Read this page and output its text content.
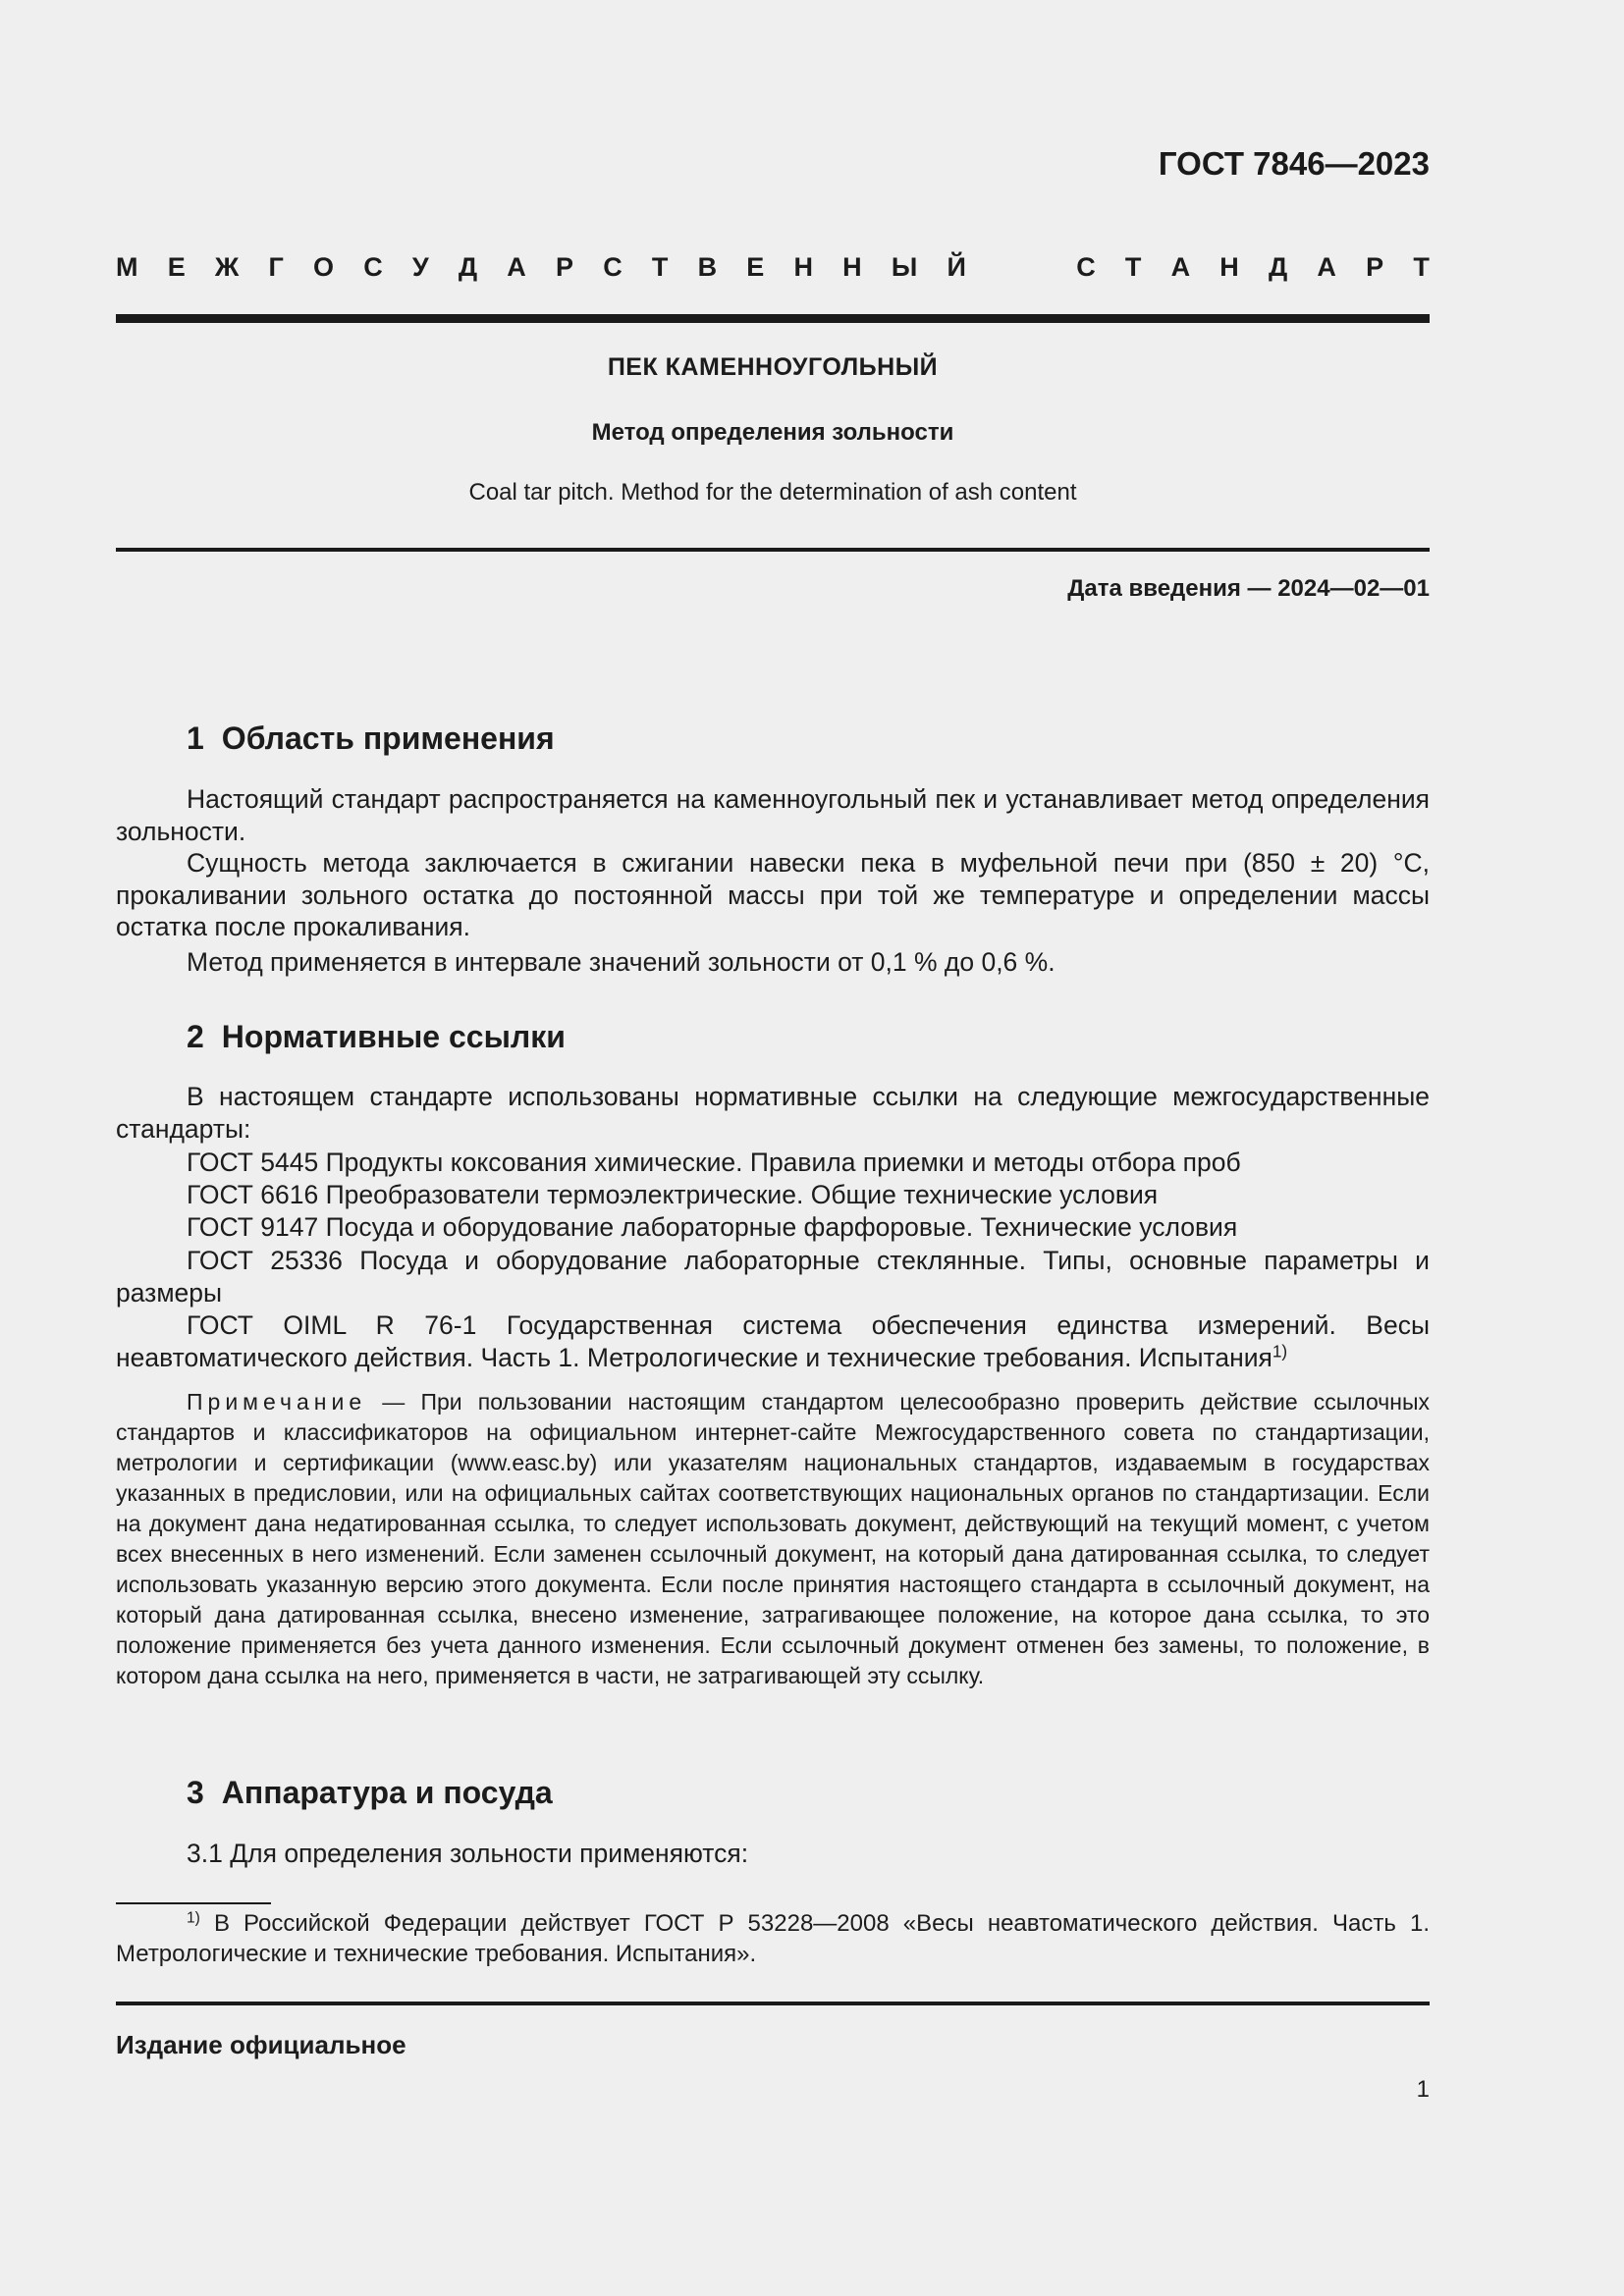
ГОСТ 7846—2023
М Е Ж Г О С У Д А Р С Т В Е Н Н Ы Й	С Т А Н Д А Р Т
ПЕК КАМЕННОУГОЛЬНЫЙ
Метод определения зольности
Coal tar pitch. Method for the determination of ash content
Дата введения — 2024—02—01
1 Область применения

Настоящий стандарт распространяется на каменноугольный пек и устанавливает метод определения зольности.

Сущность метода заключается в сжигании навески пека в муфельной печи при (850 ± 20) °С, прокаливании зольного остатка до постоянной массы при той же температуре и определении массы остатка после прокаливания.

Метод применяется в интервале значений зольности от 0,1 % до 0,6 %.

2 Нормативные ссылки

В настоящем стандарте использованы нормативные ссылки на следующие межгосударственные стандарты:

ГОСТ 5445 Продукты коксования химические. Правила приемки и методы отбора проб
ГОСТ 6616 Преобразователи термоэлектрические. Общие технические условия
ГОСТ 9147 Посуда и оборудование лабораторные фарфоровые. Технические условия

ГОСТ 25336 Посуда и оборудование лабораторные стеклянные. Типы, основные параметры и размеры

ГОСТ OIML R 76-1 Государственная система обеспечения единства измерений. Весы неавтоматического действия. Часть 1. Метрологические и технические требования. Испытания$^{1)}$

Примечание — При пользовании настоящим стандартом целесообразно проверить действие ссылочных стандартов и классификаторов на официальном интернет-сайте Межгосударственного совета по стандартизации, метрологии и сертификации (www.easc.by) или указателям национальных стандартов, издаваемым в государствах указанных в предисловии, или на официальных сайтах соответствующих национальных органов по стандартизации. Если на документ дана недатированная ссылка, то следует использовать документ, действующий на текущий момент, с учетом всех внесенных в него изменений. Если заменен ссылочный документ, на который дана датированная ссылка, то следует использовать указанную версию этого документа. Если после принятия настоящего стандарта в ссылочный документ, на который дана датированная ссылка, внесено изменение, затрагивающее положение, на которое дана ссылка, то это положение применяется без учета данного изменения. Если ссылочный документ отменен без замены, то положение, в котором дана ссылка на него, применяется в части, не затрагивающей эту ссылку.

3 Аппаратура и посуда
3.1 Для определения зольности применяются:

$^{1)}$ В Российской Федерации действует ГОСТ Р 53228—2008 «Весы неавтоматического действия. Часть 1. Метрологические и технические требования. Испытания».

Издание официальное
1
